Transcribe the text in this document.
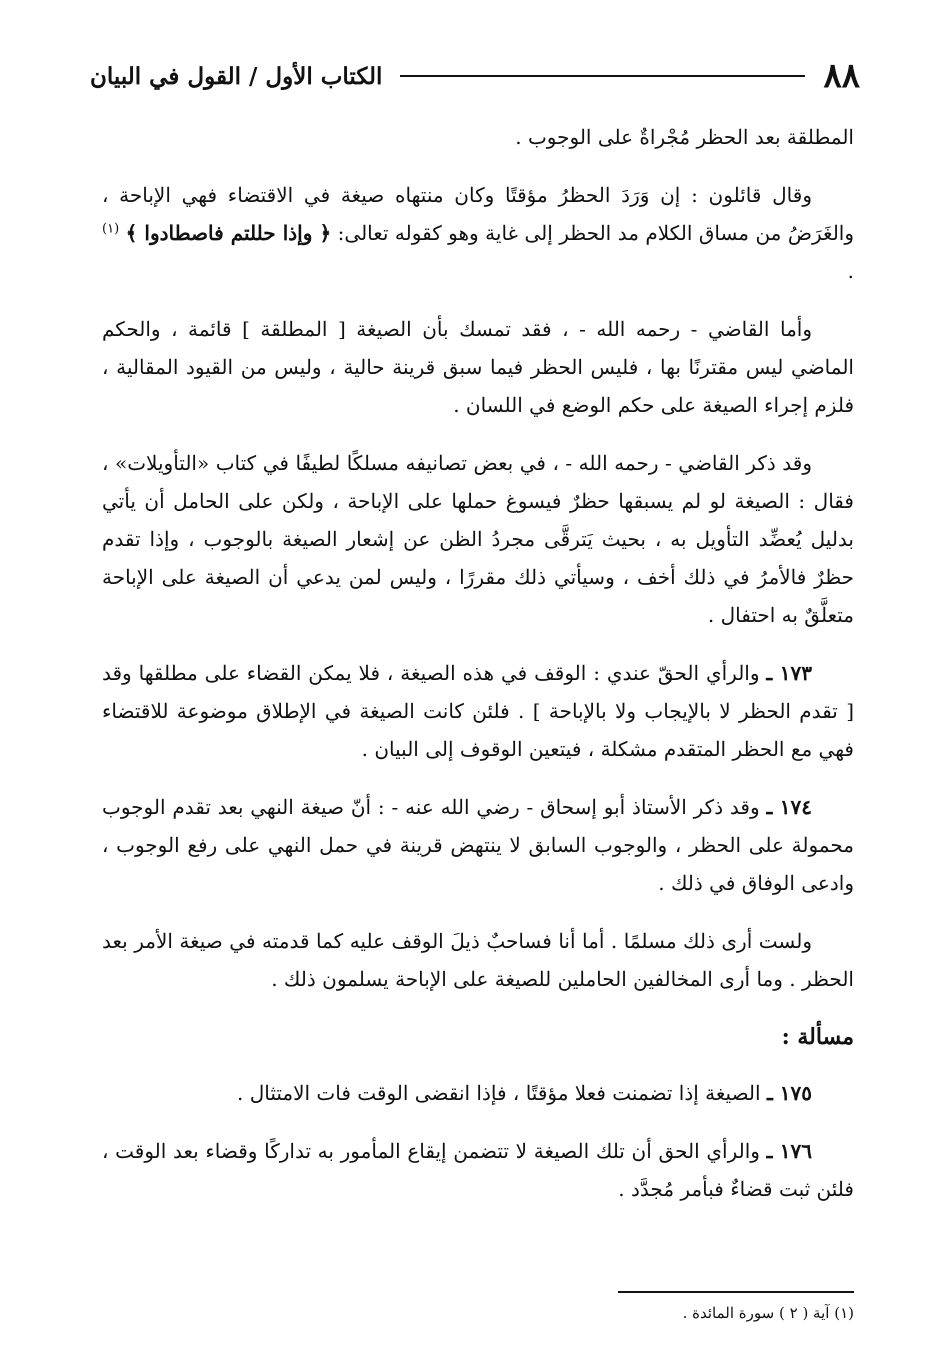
٨٨
الكتاب الأول / القول في البيان

المطلقة بعد الحظر مُجْراةٌ على الوجوب .

وقال قائلون : إن وَرَدَ الحظرُ مؤقتًا وكان منتهاه صيغة في الاقتضاء فهي الإباحة ، والغَرَضُ من مساق الكلام مد الحظر إلى غاية وهو كقوله تعالى: ﴿ وإذا حللتم فاصطادوا ﴾ $^{(١)}$ .

وأما القاضي - رحمه الله - ، فقد تمسك بأن الصيغة [ المطلقة ] قائمة ، والحكم الماضي ليس مقترنًا بها ، فليس الحظر فيما سبق قرينة حالية ، وليس من القيود المقالية ، فلزم إجراء الصيغة على حكم الوضع في اللسان .

وقد ذكر القاضي - رحمه الله - ، في بعض تصانيفه مسلكًا لطيفًا في كتاب «التأويلات» ، فقال : الصيغة لو لم يسبقها حظرٌ فيسوغ حملها على الإباحة ، ولكن على الحامل أن يأتي بدليل يُعضِّد التأويل به ، بحيث يَترقَّى مجردُ الظن عن إشعار الصيغة بالوجوب ، وإذا تقدم حظرٌ فالأمرُ في ذلك أخف ، وسيأتي ذلك مقررًا ، وليس لمن يدعي أن الصيغة على الإباحة متعلَّقٌ به احتفال .

١٧٣ ـ والرأي الحقّ عندي : الوقف في هذه الصيغة ، فلا يمكن القضاء على مطلقها وقد [ تقدم الحظر لا بالإيجاب ولا بالإباحة ] . فلئن كانت الصيغة في الإطلاق موضوعة للاقتضاء فهي مع الحظر المتقدم مشكلة ، فيتعين الوقوف إلى البيان .

١٧٤ ـ وقد ذكر الأستاذ أبو إسحاق - رضي الله عنه - : أنّ صيغة النهي بعد تقدم الوجوب محمولة على الحظر ، والوجوب السابق لا ينتهض قرينة في حمل النهي على رفع الوجوب ، وادعى الوفاق في ذلك .

ولست أرى ذلك مسلمًا . أما أنا فساحبٌ ذيلَ الوقف عليه كما قدمته في صيغة الأمر بعد الحظر . وما أرى المخالفين الحاملين للصيغة على الإباحة يسلمون ذلك .

مسألة :

١٧٥ ـ الصيغة إذا تضمنت فعلا مؤقتًا ، فإذا انقضى الوقت فات الامتثال .

١٧٦ ـ والرأي الحق أن تلك الصيغة لا تتضمن إيقاع المأمور به تداركًا وقضاء بعد الوقت ، فلئن ثبت قضاءٌ فبأمر مُجدَّد .

(١) آية ( ٢ ) سورة المائدة .
